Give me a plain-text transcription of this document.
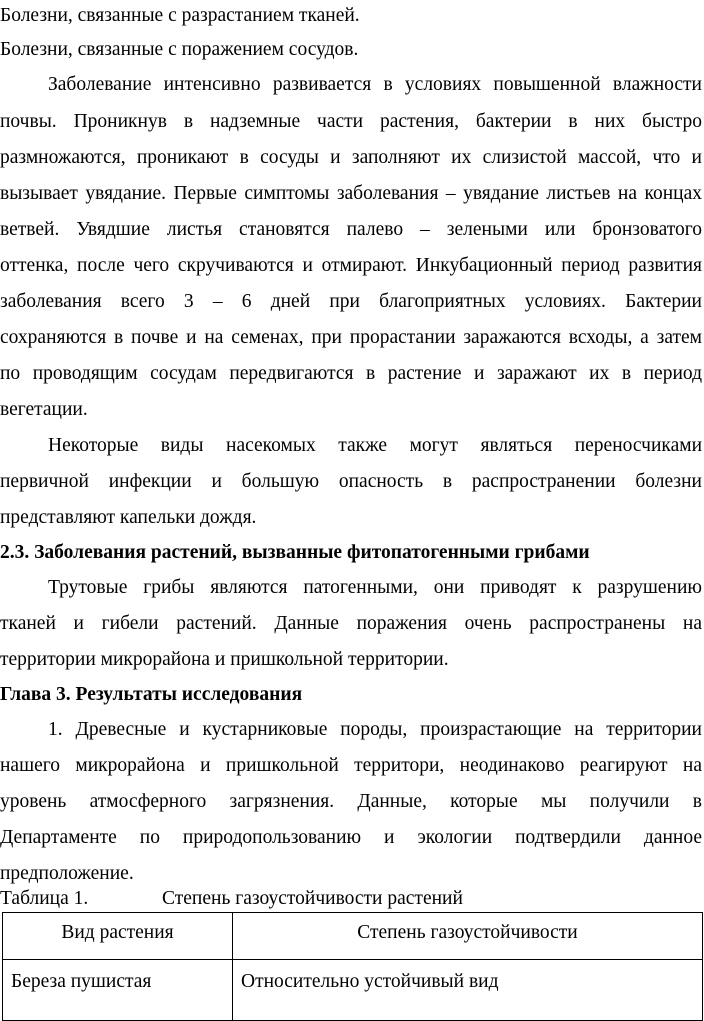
Болезни, связанные с разрастанием тканей.
Болезни, связанные с поражением сосудов.
Заболевание интенсивно развивается в условиях повышенной влажности
почвы. Проникнув в надземные части растения, бактерии в них быстро
размножаются, проникают в сосуды и заполняют их слизистой массой, что и
вызывает увядание. Первые симптомы заболевания – увядание листьев на концах
ветвей. Увядшие листья становятся палево – зелеными или бронзоватого
оттенка, после чего скручиваются и отмирают. Инкубационный период развития
заболевания всего 3 – 6 дней при благоприятных условиях. Бактерии
сохраняются в почве и на семенах, при прорастании заражаются всходы, а затем
по проводящим сосудам передвигаются в растение и заражают их в период
вегетации.
Некоторые виды насекомых также могут являться переносчиками
первичной инфекции и большую опасность в распространении болезни
представляют капельки дождя.
2.3. Заболевания растений, вызванные фитопатогенными грибами
Трутовые грибы являются патогенными, они приводят к разрушению
тканей и гибели растений. Данные поражения очень распространены на
территории микрорайона и пришкольной территории.
Глава 3. Результаты исследования
1. Древесные и кустарниковые породы, произрастающие на территории
нашего микрорайона и пришкольной территори, неодинаково реагируют на
уровень атмосферного загрязнения. Данные, которые мы получили в
Департаменте по природопользованию и экологии подтвердили данное
предположение.
Таблица 1.	Степень газоустойчивости растений
Вид растения	Степень газоустойчивости

Береза пушистая	Относительно устойчивый вид
